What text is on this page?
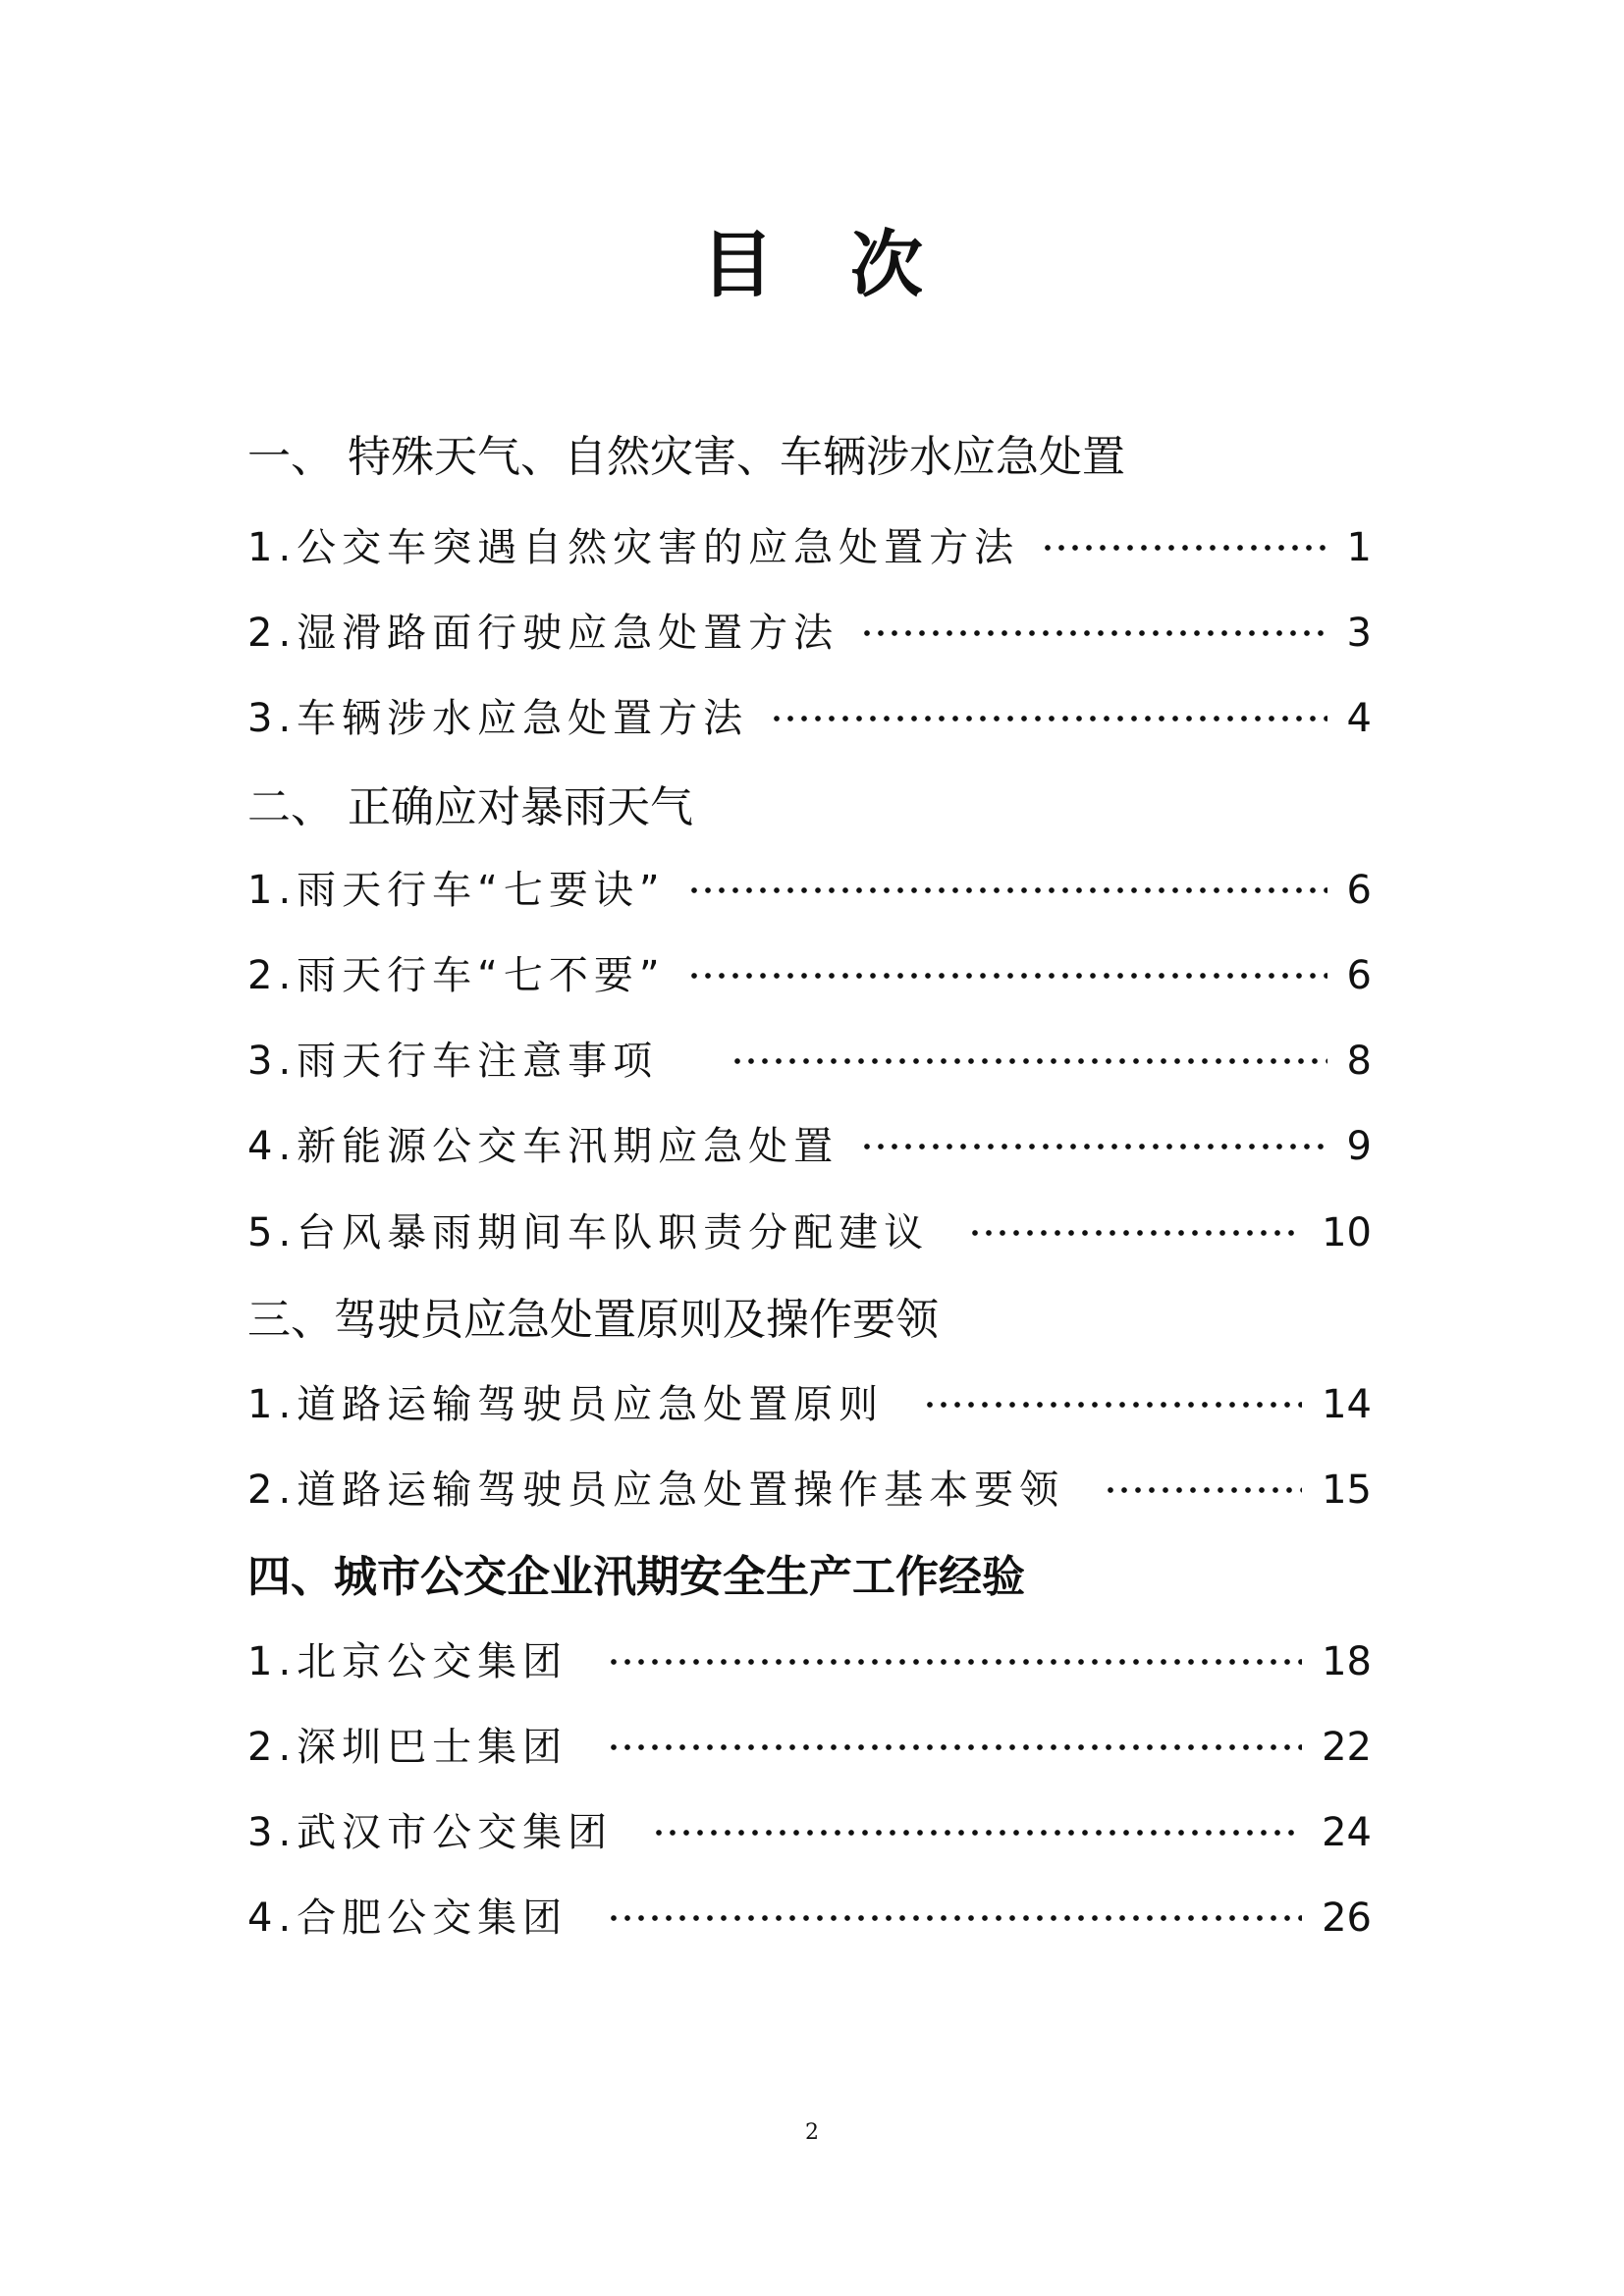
目次
一、 特殊天气、自然灾害、车辆涉水应急处置
1.公交车突遇自然灾害的应急处置方法	1
2.湿滑路面行驶应急处置方法	3
3.车辆涉水应急处置方法	4
二、 正确应对暴雨天气
1.雨天行车“七要诀”	6
2.雨天行车“七不要”	6
3.雨天行车注意事项	8
4.新能源公交车汛期应急处置	9
5.台风暴雨期间车队职责分配建议	10
三、驾驶员应急处置原则及操作要领
1.道路运输驾驶员应急处置原则	14
2.道路运输驾驶员应急处置操作基本要领	15
四、城市公交企业汛期安全生产工作经验
1.北京公交集团	18
2.深圳巴士集团	22
3.武汉市公交集团	24
4.合肥公交集团	26
2
